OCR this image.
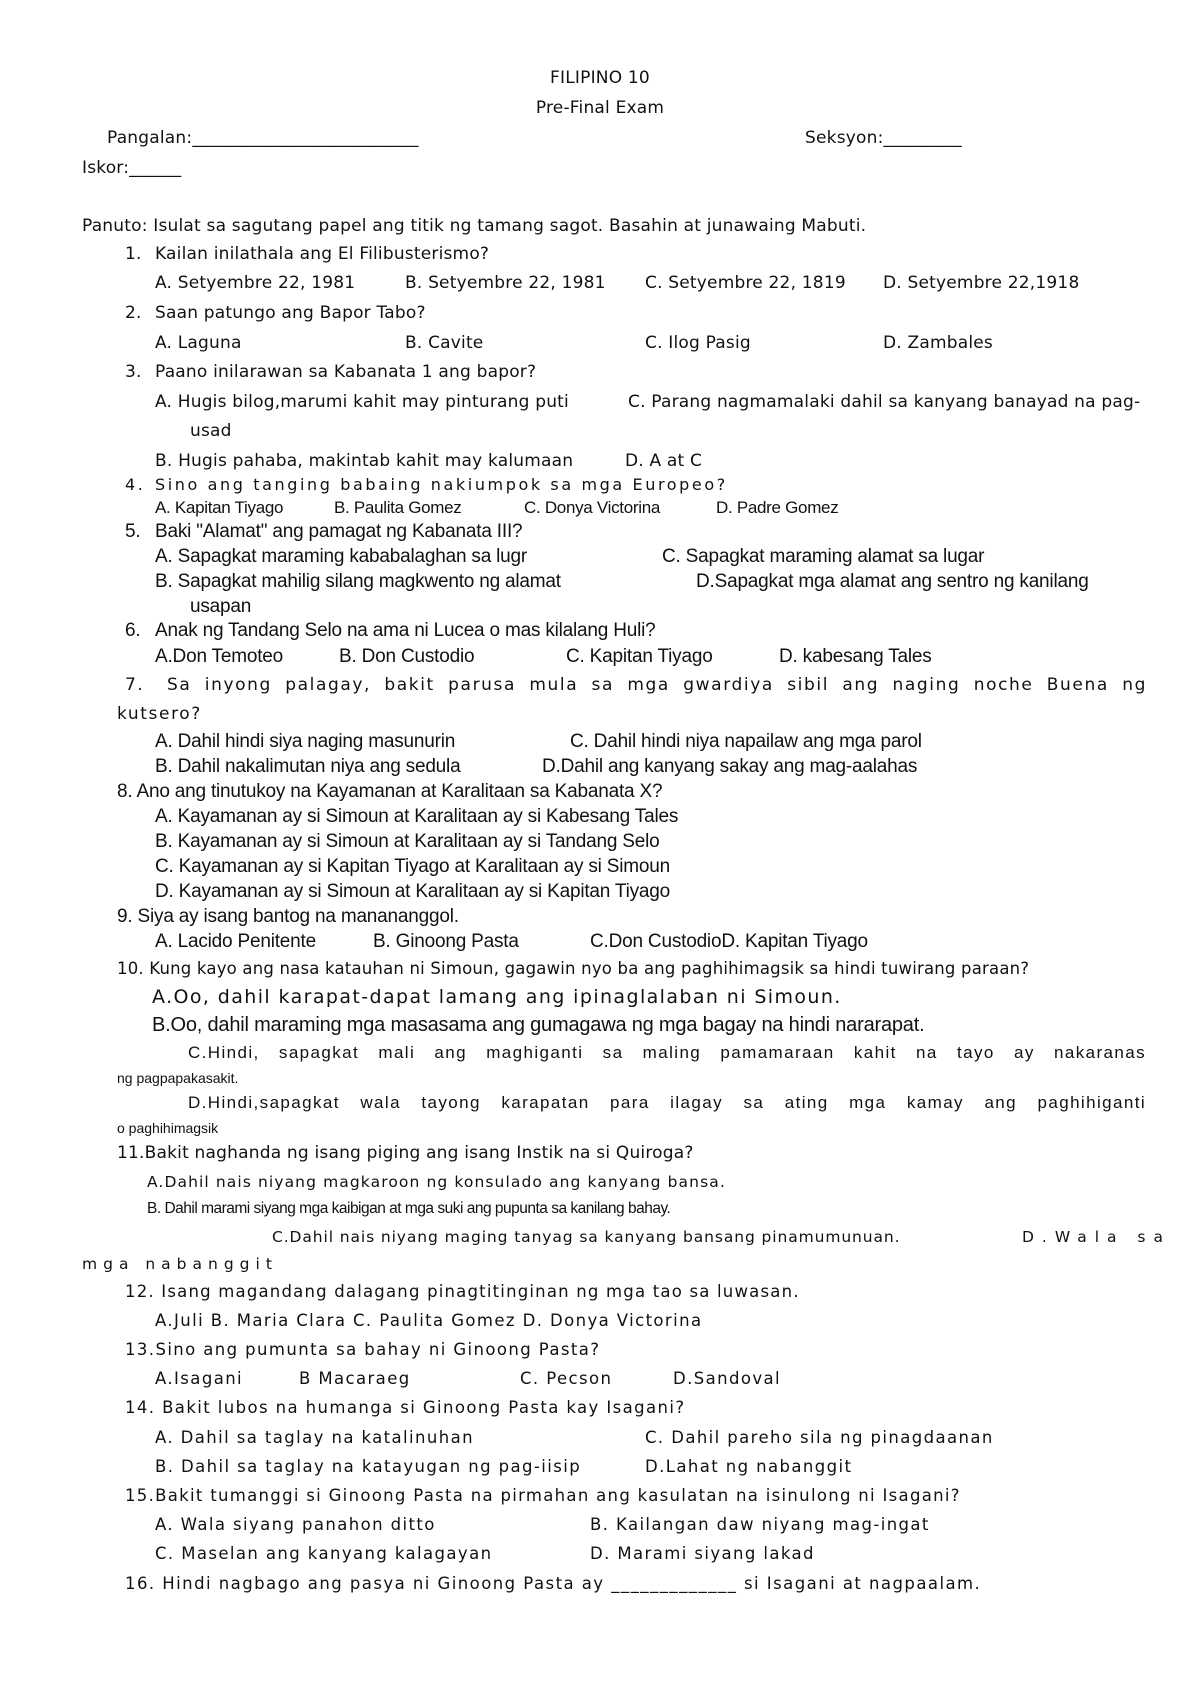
FILIPINO 10
Pre-Final Exam
Pangalan:__________________________	Seksyon:_________
Iskor:______
Panuto: Isulat sa sagutang papel ang titik ng tamang sagot. Basahin at junawaing Mabuti.
1. Kailan inilathala ang El Filibusterismo?
A. Setyembre 22, 1981	B. Setyembre 22, 1981 C. Setyembre 22, 1819 D. Setyembre 22,1918
2. Saan patungo ang Bapor Tabo?
A. Laguna	B. Cavite	C. Ilog Pasig	D. Zambales
3. Paano inilarawan sa Kabanata 1 ang bapor?
A. Hugis bilog,marumi kahit may pinturang puti	C. Parang nagmamalaki dahil sa kanyang banayad na pag-
usad
B. Hugis pahaba, makintab kahit may kalumaan	D. A at C
4. Sino ang tanging babaing nakiumpok sa mga Europeo?
A. Kapitan Tiyago	B. Paulita Gomez	C. Donya Victorina	D. Padre Gomez
5. Baki "Alamat" ang pamagat ng Kabanata III?
A. Sapagkat maraming kababalaghan sa lugr	C. Sapagkat maraming alamat sa lugar
B. Sapagkat mahilig silang magkwento ng alamat	D.Sapagkat mga alamat ang sentro ng kanilang
usapan
6. Anak ng Tandang Selo na ama ni Lucea o mas kilalang Huli?
A.Don Temoteo	B. Don Custodio	C. Kapitan Tiyago	D. kabesang Tales
7. Sa inyong palagay, bakit parusa mula sa mga gwardiya sibil ang naging noche Buena ng
kutsero?
A. Dahil hindi siya naging masunurin	C. Dahil hindi niya napailaw ang mga parol
B. Dahil nakalimutan niya ang sedula	D.Dahil ang kanyang sakay ang mag-aalahas
8. Ano ang tinutukoy na Kayamanan at Karalitaan sa Kabanata X?
A. Kayamanan ay si Simoun at Karalitaan ay si Kabesang Tales
B. Kayamanan ay si Simoun at Karalitaan ay si Tandang Selo
C. Kayamanan ay si Kapitan Tiyago at Karalitaan ay si Simoun
D. Kayamanan ay si Simoun at Karalitaan ay si Kapitan Tiyago
9. Siya ay isang bantog na manananggol.
A. Lacido Penitente	B. Ginoong Pasta	C.Don CustodioD. Kapitan Tiyago
10. Kung kayo ang nasa katauhan ni Simoun, gagawin nyo ba ang paghihimagsik sa hindi tuwirang paraan?
A.Oo, dahil karapat-dapat lamang ang ipinaglalaban ni Simoun.
B.Oo, dahil maraming mga masasama ang gumagawa ng mga bagay na hindi nararapat.
C.Hindi, sapagkat mali ang maghiganti sa maling pamamaraan kahit na tayo ay nakaranas
ng pagpapakasakit.
D.Hindi,sapagkat wala tayong karapatan para ilagay sa ating mga kamay ang paghihiganti
o paghihimagsik
11.Bakit naghanda ng isang piging ang isang Instik na si Quiroga?
A.Dahil nais niyang magkaroon ng konsulado ang kanyang bansa.
B. Dahil marami siyang mga kaibigan at mga suki ang pupunta sa kanilang bahay.
C.Dahil nais niyang maging tanyag sa kanyang bansang pinamumunuan.	D.Wala sa
mga nabanggit
12. Isang magandang dalagang pinagtitinginan ng mga tao sa luwasan.
A.Juli B. Maria Clara C. Paulita Gomez D. Donya Victorina
13.Sino ang pumunta sa bahay ni Ginoong Pasta?
A.Isagani	B Macaraeg	C. Pecson	D.Sandoval
14. Bakit lubos na humanga si Ginoong Pasta kay Isagani?
A. Dahil sa taglay na katalinuhan	C. Dahil pareho sila ng pinagdaanan
B. Dahil sa taglay na katayugan ng pag-iisip	D.Lahat ng nabanggit
15.Bakit tumanggi si Ginoong Pasta na pirmahan ang kasulatan na isinulong ni Isagani?
A. Wala siyang panahon ditto	B. Kailangan daw niyang mag-ingat
C. Maselan ang kanyang kalagayan	D. Marami siyang lakad
16. Hindi nagbago ang pasya ni Ginoong Pasta ay _____________ si Isagani at nagpaalam.
